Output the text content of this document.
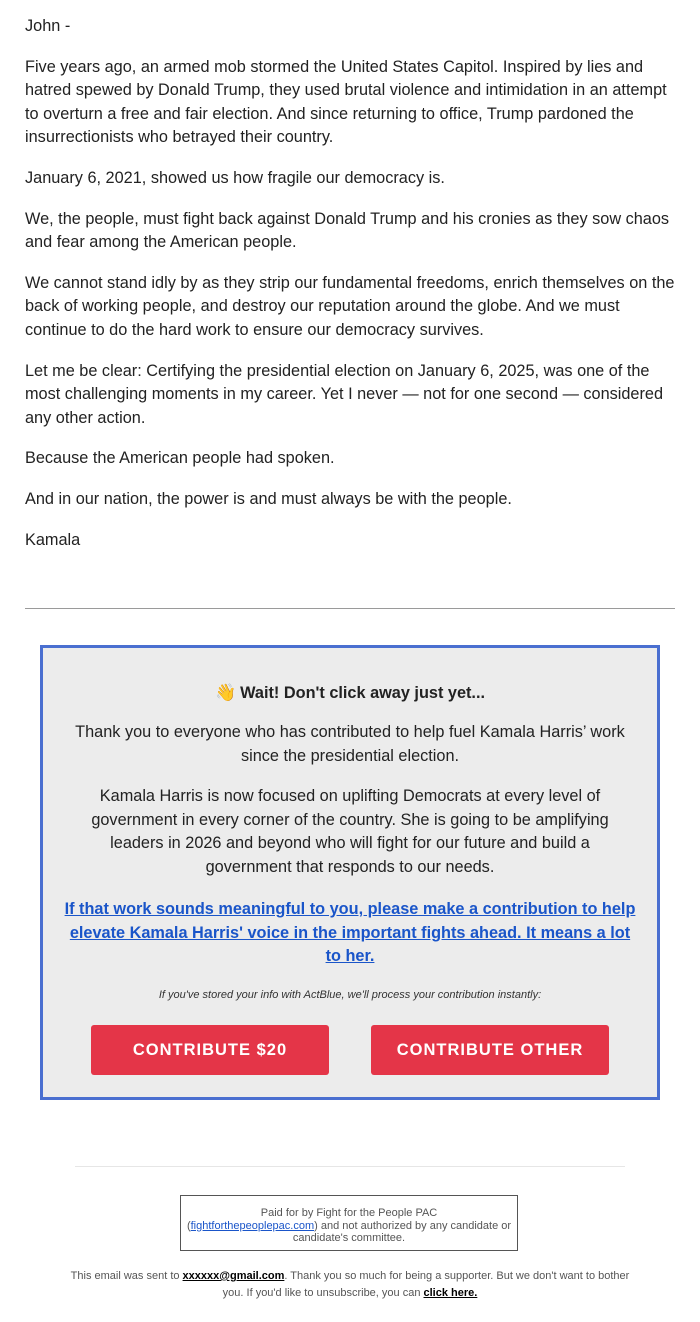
John -

Five years ago, an armed mob stormed the United States Capitol. Inspired by lies and hatred spewed by Donald Trump, they used brutal violence and intimidation in an attempt to overturn a free and fair election. And since returning to office, Trump pardoned the insurrectionists who betrayed their country.

January 6, 2021, showed us how fragile our democracy is.

We, the people, must fight back against Donald Trump and his cronies as they sow chaos and fear among the American people.

We cannot stand idly by as they strip our fundamental freedoms, enrich themselves on the back of working people, and destroy our reputation around the globe. And we must continue to do the hard work to ensure our democracy survives.

Let me be clear: Certifying the presidential election on January 6, 2025, was one of the most challenging moments in my career. Yet I never — not for one second — considered any other action.

Because the American people had spoken.

And in our nation, the power is and must always be with the people.

Kamala

👋 Wait! Don't click away just yet...
Thank you to everyone who has contributed to help fuel Kamala Harris’ work since the presidential election.
Kamala Harris is now focused on uplifting Democrats at every level of government in every corner of the country. She is going to be amplifying leaders in 2026 and beyond who will fight for our future and build a government that responds to our needs.
If that work sounds meaningful to you, please make a contribution to help elevate Kamala Harris' voice in the important fights ahead. It means a lot to her.
If you've stored your info with ActBlue, we'll process your contribution instantly:
CONTRIBUTE $20	CONTRIBUTE OTHER
Paid for by Fight for the People PAC
(fightforthepeoplepac.com) and not authorized by any candidate or candidate's committee.
This email was sent to xxxxxx@gmail.com. Thank you so much for being a supporter. But we don't want to bother you. If you'd like to unsubscribe, you can click here.
